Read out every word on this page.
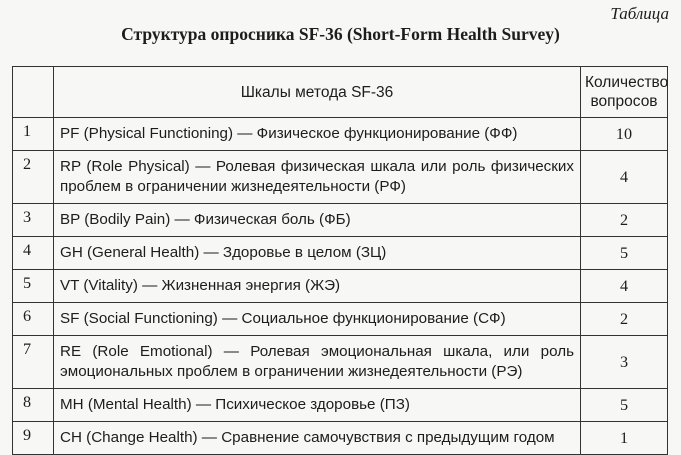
Таблица
Структура опросника SF-36 (Short-Form Health Survey)
	Шкалы метода SF-36	Количество вопросов
1	PF (Physical Functioning) — Физическое функционирование (ФФ)	10
2	RP (Role Physical) — Ролевая физическая шкала или роль физических проблем в ограничении жизнедеятельности (РФ)	4
3	BP (Bodily Pain) — Физическая боль (ФБ)	2
4	GH (General Health) — Здоровье в целом (ЗЦ)	5
5	VT (Vitality) — Жизненная энергия (ЖЭ)	4
6	SF (Social Functioning) — Социальное функционирование (СФ)	2
7	RE (Role Emotional) — Ролевая эмоциональная шкала, или роль эмоциональных проблем в ограничении жизнедеятельности (РЭ)	3
8	MH (Mental Health) — Психическое здоровье (ПЗ)	5
9	CH (Change Health) — Сравнение самочувствия с предыдущим годом	1
